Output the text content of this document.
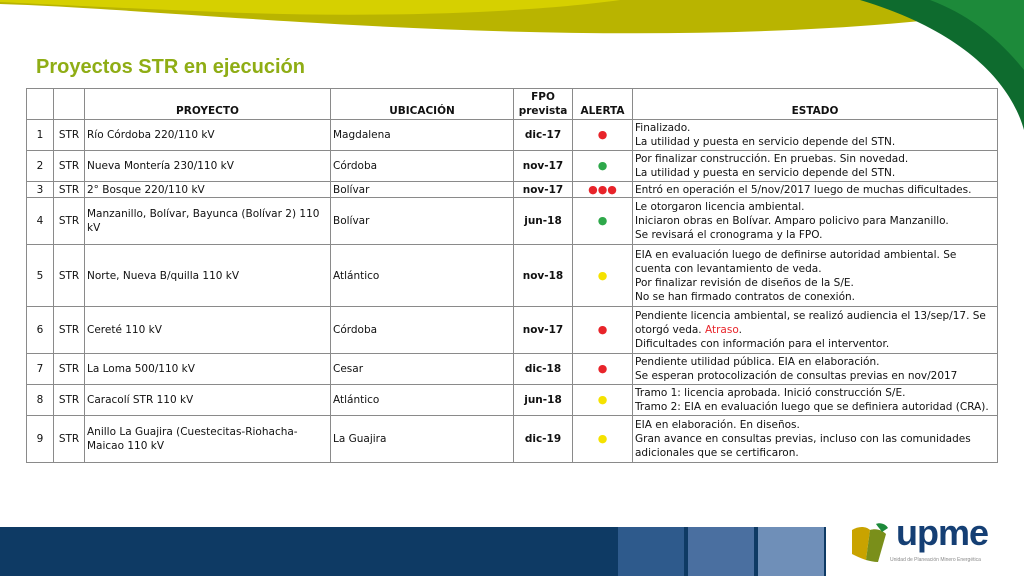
Proyectos STR en ejecución
		PROYECTO	UBICACIÓN	FPO prevista	ALERTA	ESTADO
1	STR	Río Córdoba 220/110 kV	Magdalena	dic-17	●	Finalizado.
La utilidad y puesta en servicio depende del STN.

2	STR	Nueva Montería 230/110 kV	Córdoba	nov-17	●	Por finalizar construcción. En pruebas. Sin novedad.
La utilidad y puesta en servicio depende del STN.

3	STR	2° Bosque 220/110 kV	Bolívar	nov-17	●●●	Entró en operación el 5/nov/2017 luego de muchas dificultades.

4	STR	Manzanillo, Bolívar, Bayunca (Bolívar 2) 110 kV	Bolívar	jun-18	●	Le otorgaron licencia ambiental.
Iniciaron obras en Bolívar. Amparo policivo para Manzanillo.
Se revisará el cronograma y la FPO.

5	STR	Norte, Nueva B/quilla 110 kV	Atlántico	nov-18	●	EIA en evaluación luego de definirse autoridad ambiental. Se cuenta con levantamiento de veda.
Por finalizar revisión de diseños de la S/E.
No se han firmado contratos de conexión.

6	STR	Cereté 110 kV	Córdoba	nov-17	●	Pendiente licencia ambiental, se realizó audiencia el 13/sep/17. Se otorgó veda. Atraso.
Dificultades con información para el interventor.

7	STR	La Loma 500/110 kV	Cesar	dic-18	●	Pendiente utilidad pública. EIA en elaboración.
Se esperan protocolización de consultas previas en nov/2017

8	STR	Caracolí STR 110 kV	Atlántico	jun-18	●	Tramo 1: licencia aprobada. Inició construcción S/E.
Tramo 2: EIA en evaluación luego que se definiera autoridad (CRA).

9	STR	Anillo La Guajira (Cuestecitas-Riohacha-Maicao 110 kV	La Guajira	dic-19	●	EIA en elaboración. En diseños.
Gran avance en consultas previas, incluso con las comunidades adicionales que se certificaron.
upme
Unidad de Planeación Minero Energética
